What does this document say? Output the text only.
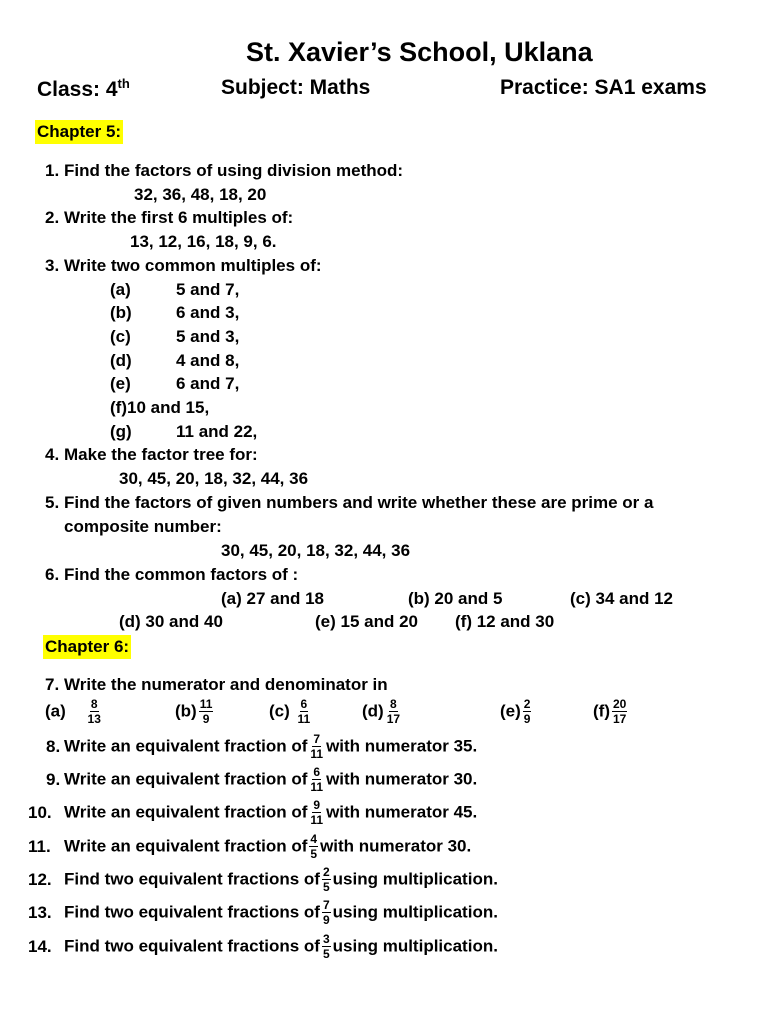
St. Xavier’s School, Uklana
Class: 4th	Subject: Maths	Practice: SA1 exams
Chapter 5:
1. Find the factors of using division method:
32, 36, 48, 18, 20
2. Write the first 6 multiples of:
13, 12, 16, 18, 9, 6.
3. Write two common multiples of:
(a)	5 and 7,
(b)	6 and 3,
(c)	5 and 3,
(d)	4 and 8,
(e)	6 and 7,
(f)10 and 15,
(g)	11 and 22,
4. Make the factor tree for:
30, 45, 20, 18, 32, 44, 36
5. Find the factors of given numbers and write whether these are prime or a
composite number:
30, 45, 20, 18, 32, 44, 36
6. Find the common factors of :
(a) 27 and 18	(b) 20 and 5	(c) 34 and 12
(d) 30 and 40	(e) 15 and 20 (f) 12 and 30
Chapter 6:
7. Write the numerator and denominator in
$(a) \frac{8}{13}$	$(b) \frac{11}{9}$	$(c) \frac{6}{11}$	$(d) \frac{8}{17}$	$(e) \frac{2}{9}$	$(f) \frac{20}{17}$
8. Write an equivalent fraction of $\frac{7}{11}$ with numerator 35.
9. Write an equivalent fraction of $\frac{6}{11}$ with numerator 30.
10. Write an equivalent fraction of $\frac{9}{11}$ with numerator 45.
11. Write an equivalent fraction of $\frac{4}{5}$ with numerator 30.
12. Find two equivalent fractions of $\frac{2}{5}$ using multiplication.
13. Find two equivalent fractions of $\frac{7}{9}$ using multiplication.
14. Find two equivalent fractions of $\frac{3}{5}$ using multiplication.
